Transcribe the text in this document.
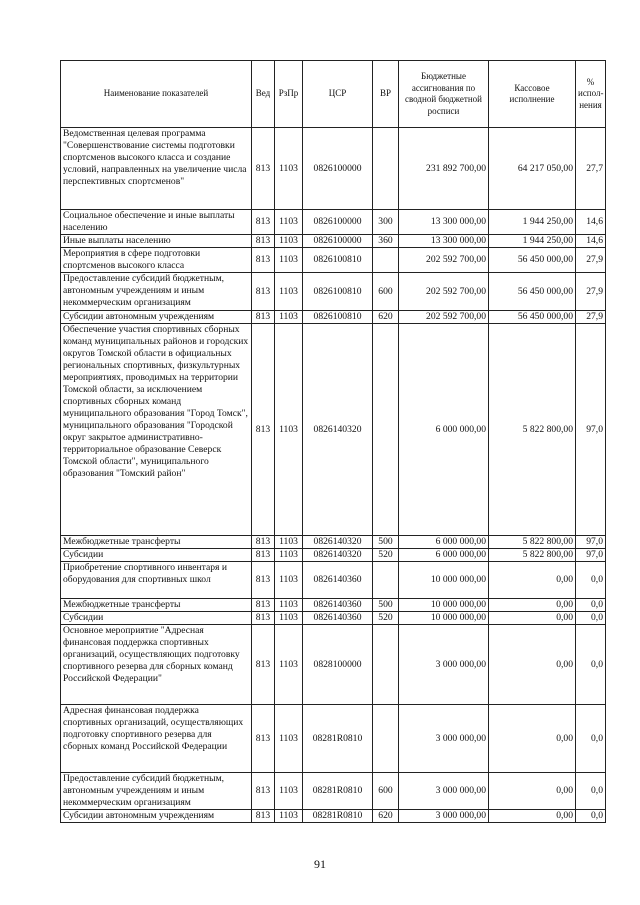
Наименование показателей	Вед	РзПр	ЦСР	ВР	Бюджетные ассигнования по сводной бюджетной росписи	Кассовое исполнение	% испол-нения
Ведомственная целевая программа "Совершенствование системы подготовки спортсменов высокого класса и создание условий, направленных на увеличение числа перспективных спортсменов"	813	1103	0826100000		231 892 700,00	64 217 050,00	27,7
Социальное обеспечение и иные выплаты населению	813	1103	0826100000	300	13 300 000,00	1 944 250,00	14,6
Иные выплаты населению	813	1103	0826100000	360	13 300 000,00	1 944 250,00	14,6
Мероприятия в сфере подготовки спортсменов высокого класса	813	1103	0826100810		202 592 700,00	56 450 000,00	27,9
Предоставление субсидий бюджетным, автономным учреждениям и иным некоммерческим организациям	813	1103	0826100810	600	202 592 700,00	56 450 000,00	27,9
Субсидии автономным учреждениям	813	1103	0826100810	620	202 592 700,00	56 450 000,00	27,9
Обеспечение участия спортивных сборных команд муниципальных районов и городских округов Томской области в официальных региональных спортивных, физкультурных мероприятиях, проводимых на территории Томской области, за исключением спортивных сборных команд муниципального образования "Город Томск", муниципального образования "Городской округ закрытое административно-территориальное образование Северск Томской области", муниципального образования "Томский район"	813	1103	0826140320		6 000 000,00	5 822 800,00	97,0
Межбюджетные трансферты	813	1103	0826140320	500	6 000 000,00	5 822 800,00	97,0
Субсидии	813	1103	0826140320	520	6 000 000,00	5 822 800,00	97,0
Приобретение спортивного инвентаря и оборудования для спортивных школ	813	1103	0826140360		10 000 000,00	0,00	0,0
Межбюджетные трансферты	813	1103	0826140360	500	10 000 000,00	0,00	0,0
Субсидии	813	1103	0826140360	520	10 000 000,00	0,00	0,0
Основное мероприятие "Адресная финансовая поддержка спортивных организаций, осуществляющих подготовку спортивного резерва для сборных команд Российской Федерации"	813	1103	0828100000		3 000 000,00	0,00	0,0
Адресная финансовая поддержка спортивных организаций, осуществляющих подготовку спортивного резерва для сборных команд Российской Федерации	813	1103	08281R0810		3 000 000,00	0,00	0,0
Предоставление субсидий бюджетным, автономным учреждениям и иным некоммерческим организациям	813	1103	08281R0810	600	3 000 000,00	0,00	0,0
Субсидии автономным учреждениям	813	1103	08281R0810	620	3 000 000,00	0,00	0,0
91
